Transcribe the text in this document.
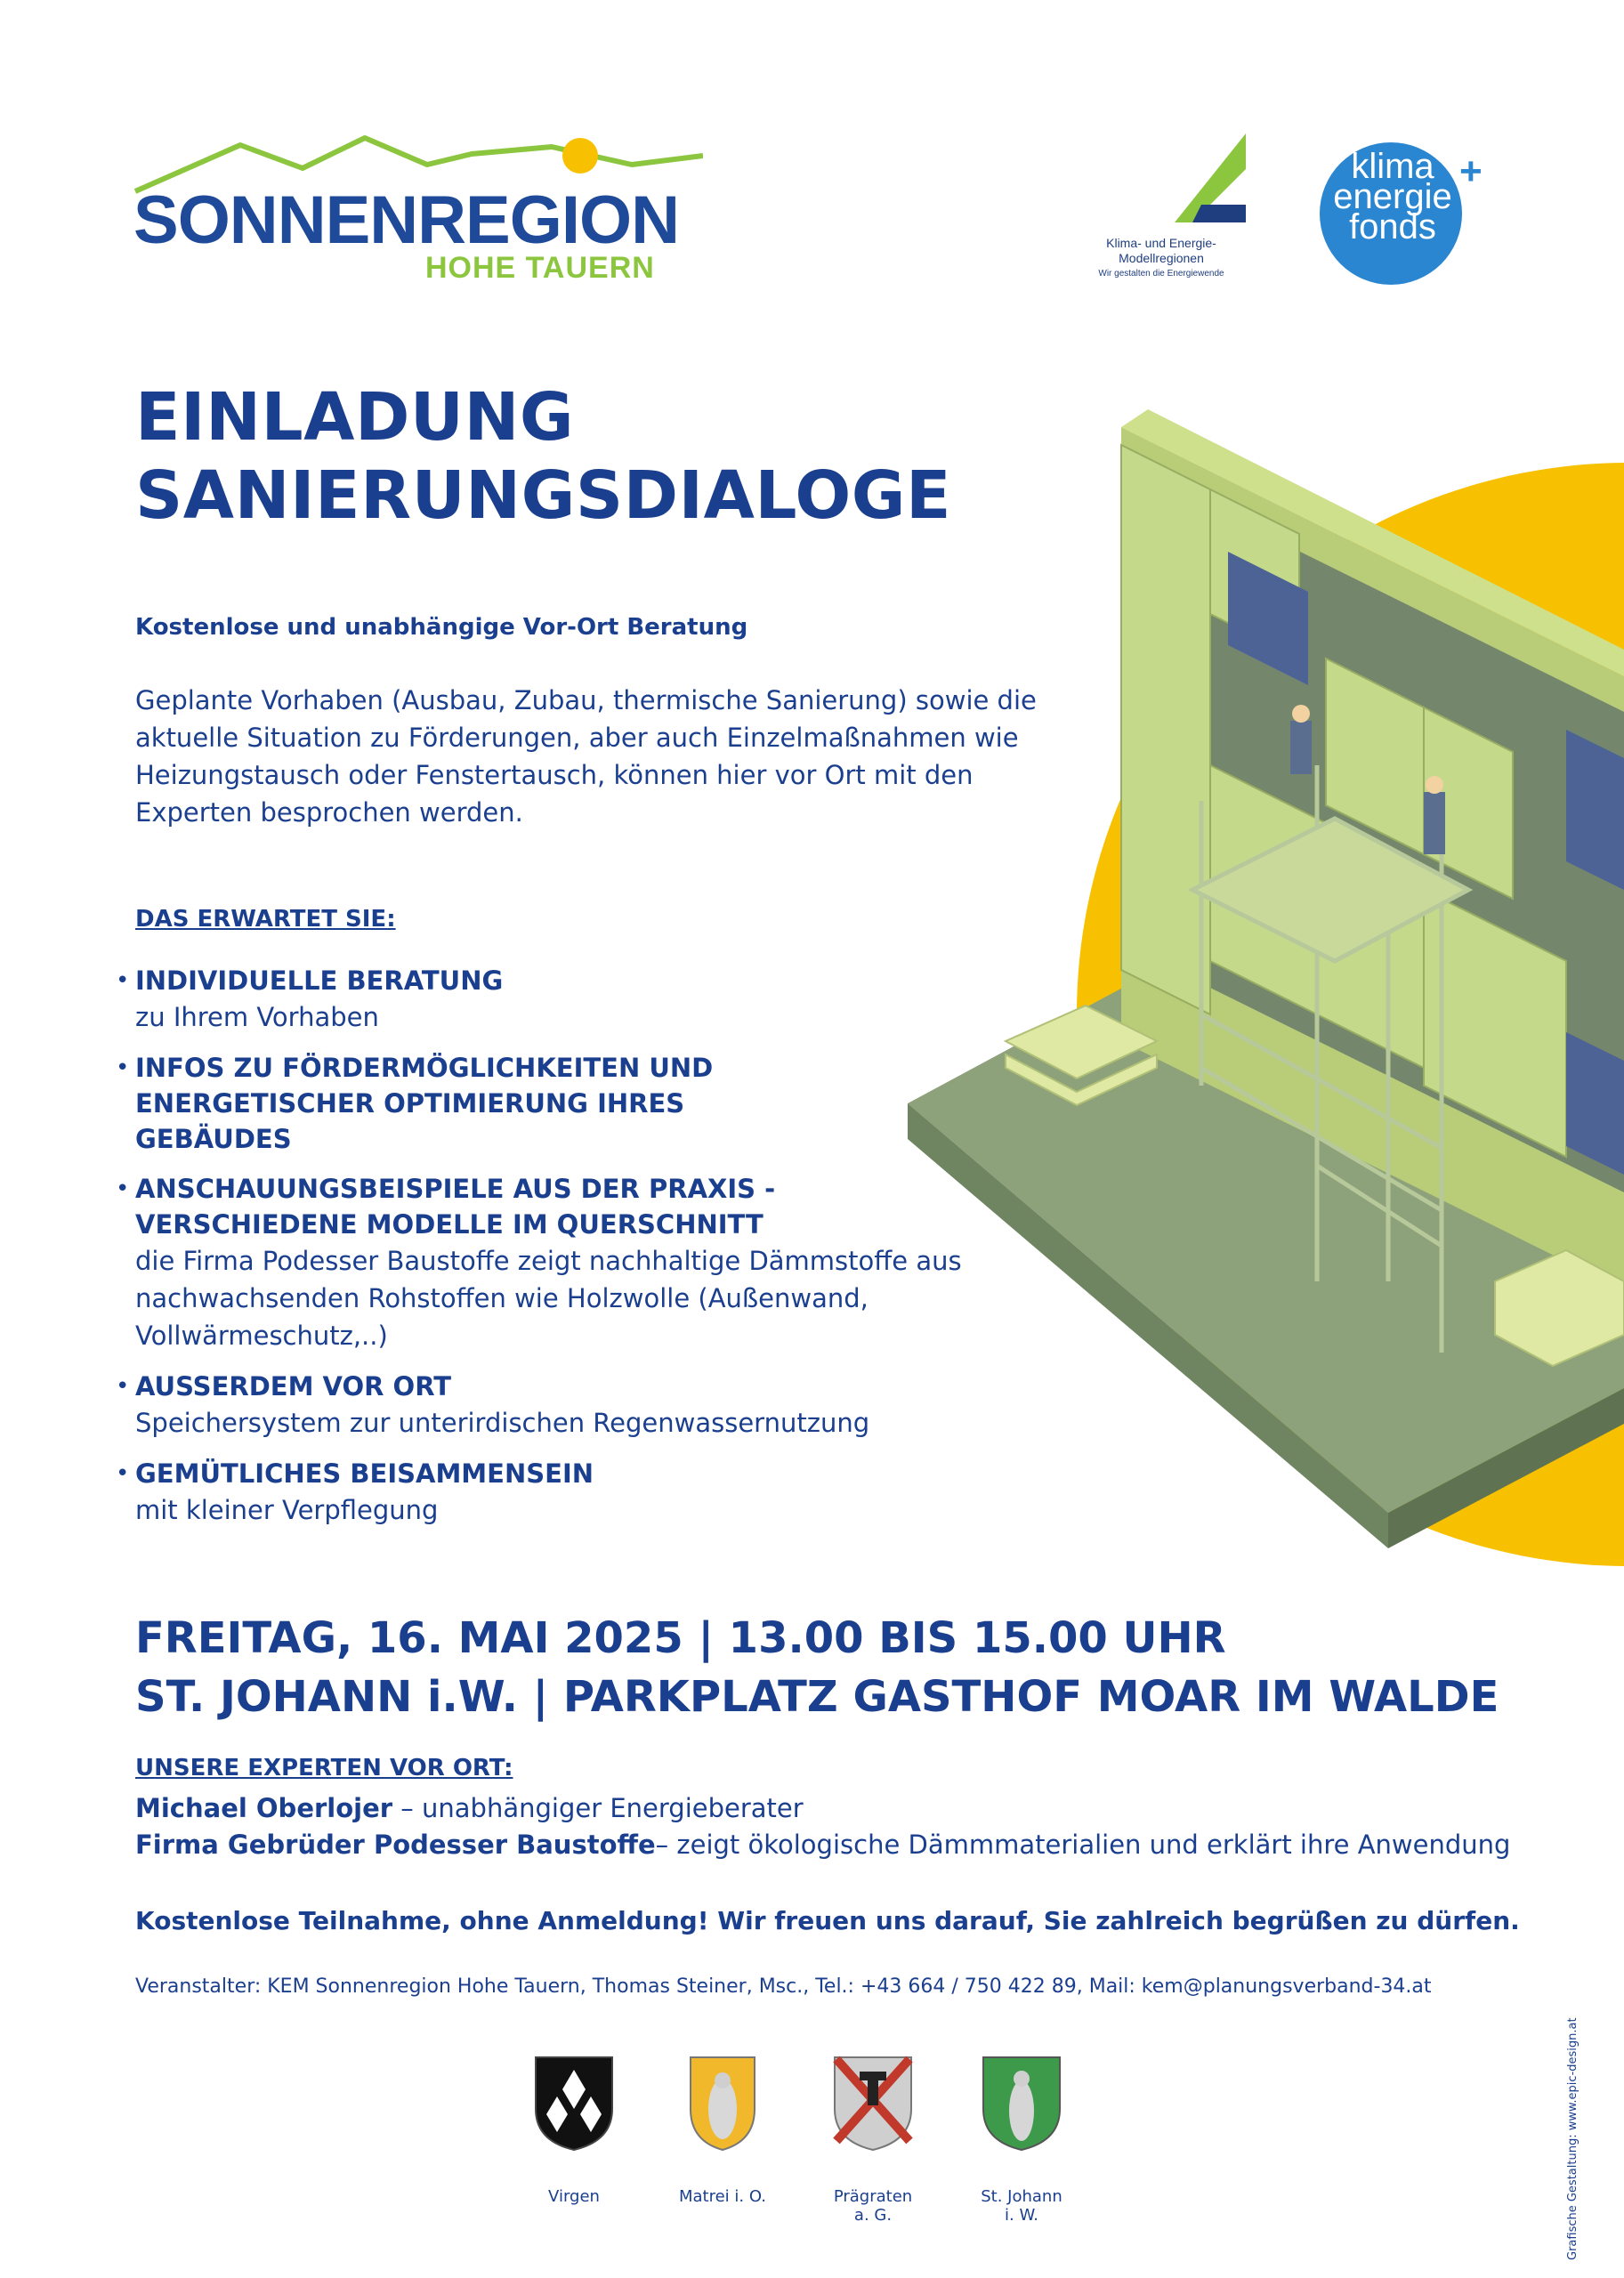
SONNENREGION
HOHE TAUERN
Klima- und Energie-
Modellregionen
Wir gestalten die Energiewende
klima
energie
fonds
+
EINLADUNG
SANIERUNGSDIALOGE
Kostenlose und unabhängige Vor-Ort Beratung
Geplante Vorhaben (Ausbau, Zubau, thermische Sanierung) sowie die aktuelle Situation zu Förderungen, aber auch Einzelmaßnahmen wie Heizungstausch oder Fenstertausch, können hier vor Ort mit den Experten besprochen werden.
DAS ERWARTET SIE:
• INDIVIDUELLE BERATUNG
zu Ihrem Vorhaben
• INFOS ZU FÖRDERMÖGLICHKEITEN UND ENERGETISCHER OPTIMIERUNG IHRES GEBÄUDES
• ANSCHAUUNGSBEISPIELE AUS DER PRAXIS - VERSCHIEDENE MODELLE IM QUERSCHNITT
die Firma Podesser Baustoffe zeigt nachhaltige Dämmstoffe aus nachwachsenden Rohstoffen wie Holzwolle (Außenwand, Vollwärmeschutz,..)
• AUSSERDEM VOR ORT
Speichersystem zur unterirdischen Regenwassernutzung
• GEMÜTLICHES BEISAMMENSEIN
mit kleiner Verpflegung
FREITAG, 16. MAI 2025 | 13.00 BIS 15.00 UHR
ST. JOHANN i.W. | PARKPLATZ GASTHOF MOAR IM WALDE
UNSERE EXPERTEN VOR ORT:
Michael Oberlojer – unabhängiger Energieberater
Firma Gebrüder Podesser Baustoffe– zeigt ökologische Dämmmaterialien und erklärt ihre Anwendung
Kostenlose Teilnahme, ohne Anmeldung! Wir freuen uns darauf, Sie zahlreich begrüßen zu dürfen.
Veranstalter: KEM Sonnenregion Hohe Tauern, Thomas Steiner, Msc., Tel.: +43 664 / 750 422 89, Mail: kem@planungsverband-34.at
Grafische Gestaltung: www.epic-design.at
Virgen	Matrei i. O.	Prägraten a. G.
St. Johann i. W.
